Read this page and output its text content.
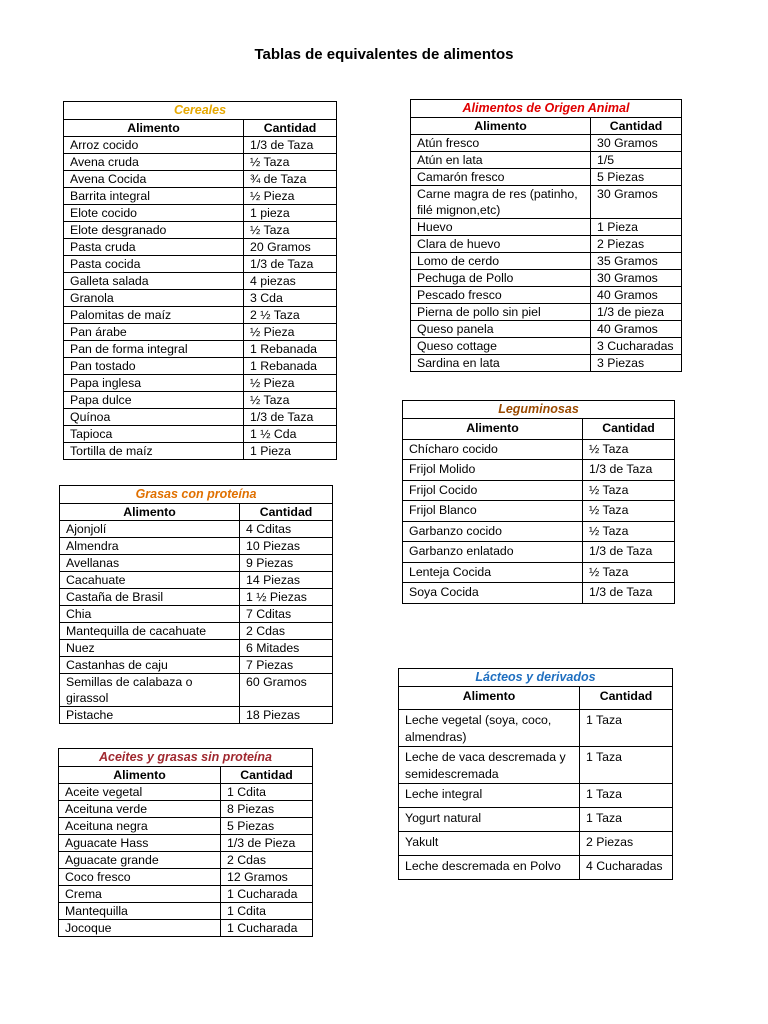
Tablas de equivalentes de alimentos
Cereales
Alimento	Cantidad
Arroz cocido	1/3 de Taza
Avena cruda	½ Taza
Avena Cocida	¾ de Taza
Barrita integral	½ Pieza
Elote cocido	1 pieza
Elote desgranado	½ Taza
Pasta cruda	20 Gramos
Pasta cocida	1/3 de Taza
Galleta salada	4 piezas
Granola	3 Cda
Palomitas de maíz	2 ½ Taza
Pan árabe	½ Pieza
Pan de forma integral	1 Rebanada
Pan tostado	1 Rebanada
Papa inglesa	½ Pieza
Papa dulce	½ Taza
Quínoa	1/3 de Taza
Tapioca	1 ½ Cda
Tortilla de maíz	1 Pieza
Alimentos de Origen Animal
Alimento	Cantidad
Atún fresco	30 Gramos
Atún en lata	1/5
Camarón fresco	5 Piezas
Carne magra de res (patinho, filé mignon,etc)	30 Gramos
Huevo	1 Pieza
Clara de huevo	2 Piezas
Lomo de cerdo	35 Gramos
Pechuga de Pollo	30 Gramos
Pescado fresco	40 Gramos
Pierna de pollo sin piel	1/3 de pieza
Queso panela	40 Gramos
Queso cottage	3 Cucharadas
Sardina en lata	3 Piezas
Leguminosas
Alimento	Cantidad
Chícharo cocido	½ Taza
Frijol Molido	1/3 de Taza
Frijol Cocido	½ Taza
Frijol Blanco	½ Taza
Garbanzo cocido	½ Taza
Garbanzo enlatado	1/3 de Taza
Lenteja Cocida	½ Taza
Soya Cocida	1/3 de Taza
Grasas con proteína
Alimento	Cantidad
Ajonjolí	4 Cditas
Almendra	10 Piezas
Avellanas	9 Piezas
Cacahuate	14 Piezas
Castaña de Brasil	1 ½ Piezas
Chia	7 Cditas
Mantequilla de cacahuate	2 Cdas
Nuez	6 Mitades
Castanhas de caju	7 Piezas
Semillas de calabaza o girassol	60 Gramos
Pistache	18 Piezas
Lácteos y derivados
Alimento	Cantidad
Leche vegetal (soya, coco, almendras)	1 Taza
Leche de vaca descremada y semidescremada	1 Taza
Leche integral	1 Taza
Yogurt natural	1 Taza
Yakult	2 Piezas
Leche descremada en Polvo	4 Cucharadas
Aceites y grasas sin proteína
Alimento	Cantidad
Aceite vegetal	1 Cdita
Aceituna verde	8 Piezas
Aceituna negra	5 Piezas
Aguacate Hass	1/3 de Pieza
Aguacate grande	2 Cdas
Coco fresco	12 Gramos
Crema	1 Cucharada
Mantequilla	1 Cdita
Jocoque	1 Cucharada
